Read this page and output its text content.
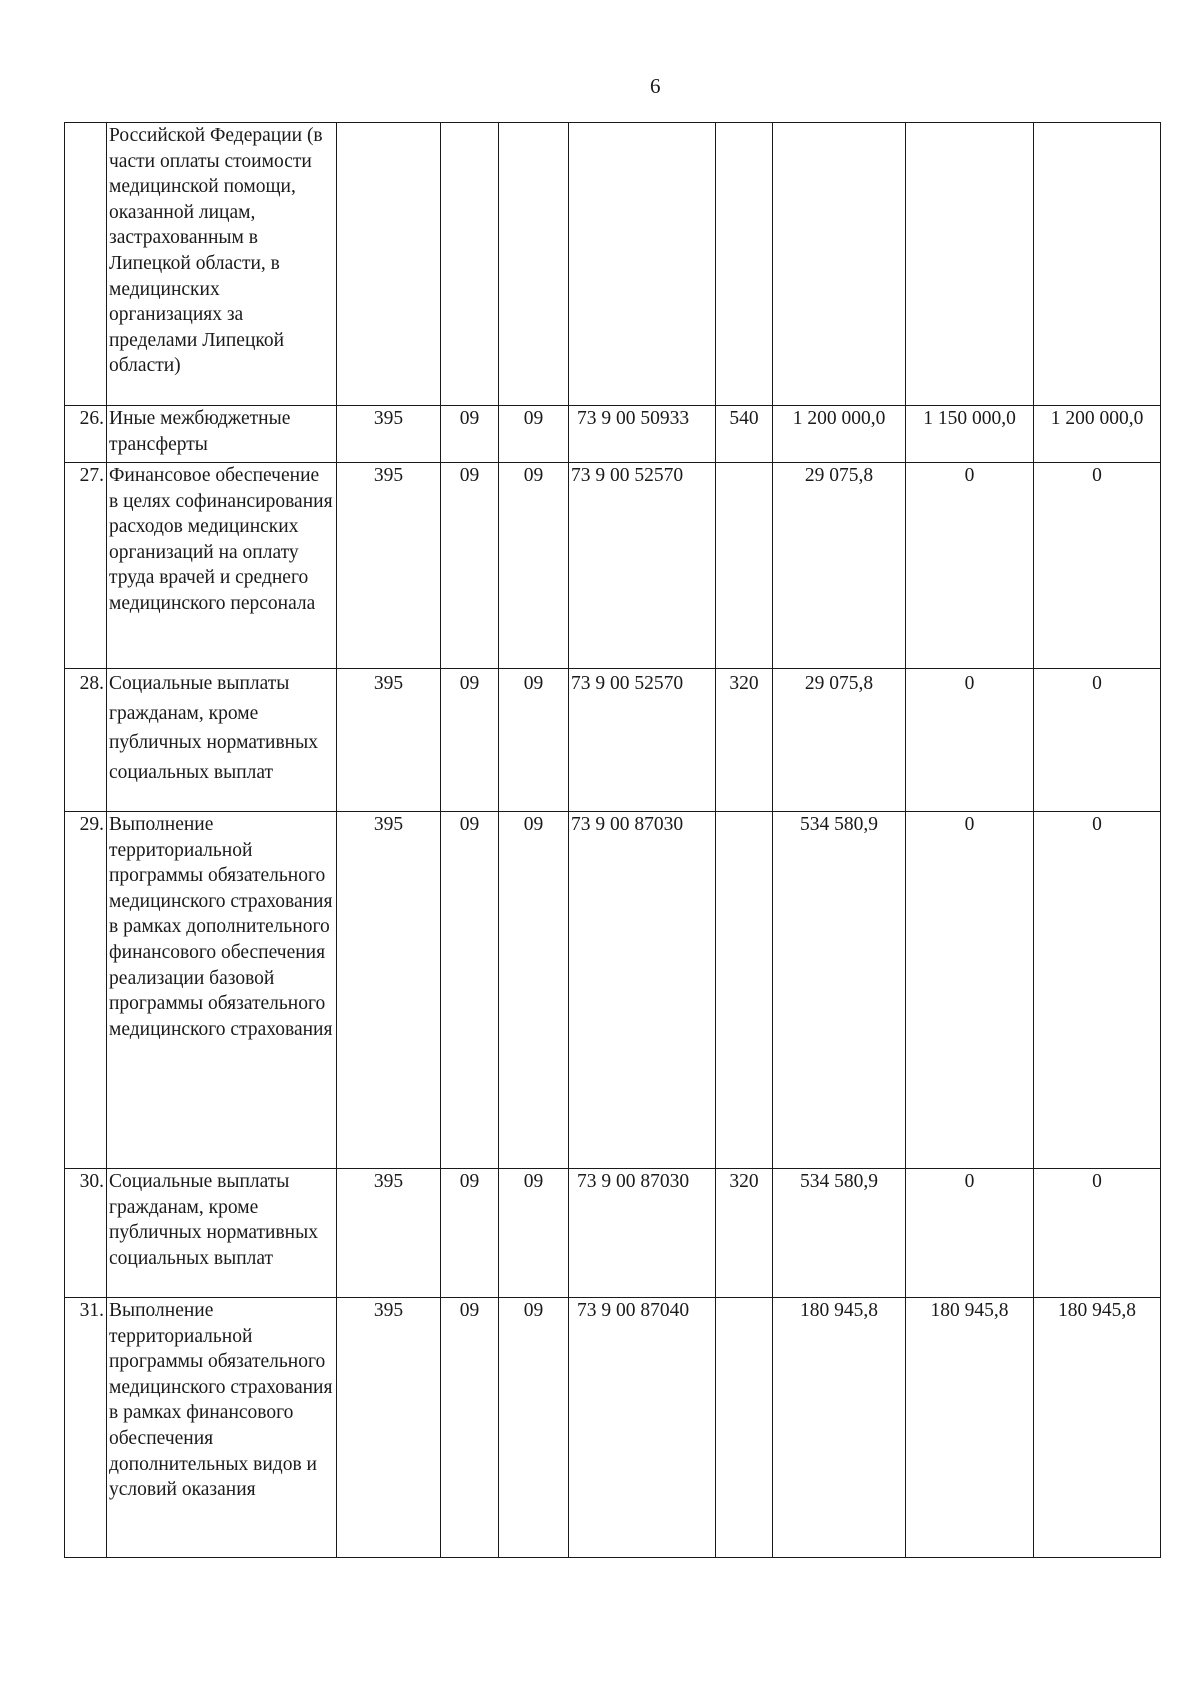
6
	Российской Федерации (в части оплаты стоимости медицинской помощи, оказанной лицам, застрахованным в Липецкой области, в медицинских организациях за пределами Липецкой области)								
26.	Иные межбюджетные трансферты	395	09	09	73 9 00 50933	540	1 200 000,0	1 150 000,0	1 200 000,0
27.	Финансовое обеспечение в целях софинансирования расходов медицинских организаций на оплату труда врачей и среднего медицинского персонала	395	09	09	73 9 00 52570		29 075,8	0	0
28.	Социальные выплаты гражданам, кроме публичных нормативных социальных выплат	395	09	09	73 9 00 52570	320	29 075,8	0	0
29.	Выполнение территориальной программы обязательного медицинского страхования в рамках дополнительного финансового обеспечения реализации базовой программы обязательного медицинского страхования	395	09	09	73 9 00 87030		534 580,9	0	0
30.	Социальные выплаты гражданам, кроме публичных нормативных социальных выплат	395	09	09	73 9 00 87030	320	534 580,9	0	0
31.	Выполнение территориальной программы обязательного медицинского страхования в рамках финансового обеспечения дополнительных видов и условий оказания	395	09	09	73 9 00 87040		180 945,8	180 945,8	180 945,8
